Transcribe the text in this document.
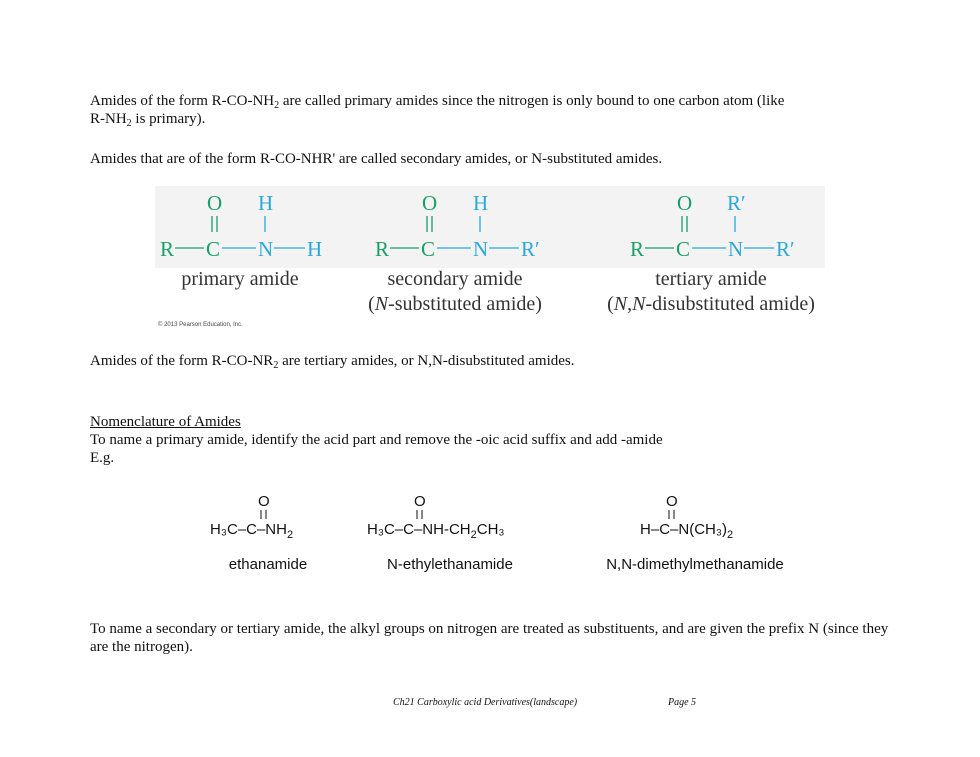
Amides of the form $R-CO-NH_2$ are called primary amides since the nitrogen is only bound to one carbon atom (like
$R-NH_2$ is primary).

Amides that are of the form R-CO-NHR' are called secondary amides, or N-substituted amides.

O H
R C N H
O H
R C N R′
O R′
R C N R′
primary amide	secondary amide
(N-substituted amide)
tertiary amide
(N,N-disubstituted amide)
© 2013 Pearson Education, Inc.

Amides of the form $R-CO-NR_2$ are tertiary amides, or N,N-disubstituted amides.

Nomenclature of Amides
To name a primary amide, identify the acid part and remove the -oic acid suffix and add -amide
E.g.

O
H₃C–$C-NH_2$
ethanamide
O
H₃C–$C-NH-CH_2CH_3$
N-ethylethanamide
O
$H-C-N(CH_3)_2$
N,N-dimethylmethanamide

To name a secondary or tertiary amide, the alkyl groups on nitrogen are treated as substituents, and are given the prefix N (since they are the nitrogen).

Ch21 Carboxylic acid Derivatives(landscape)	Page 5
